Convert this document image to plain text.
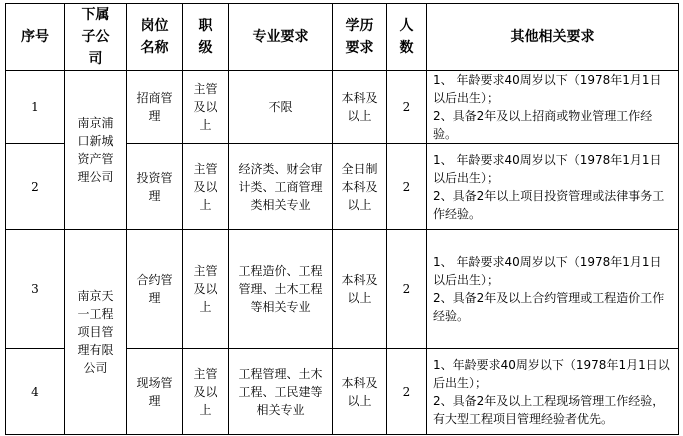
序号	下属子公司	岗位名称	职级	专业要求	学历要求	人数	其他相关要求
1	南京浦口新城资产管理公司	招商管理	主管及以上	不限	本科及以上	2	1、 年龄要求40周岁以下（1978年1月1日以后出生）；
2、具备2年及以上招商或物业管理工作经验。

2		投资管理	主管及以上	经济类、财会审计类、工商管理类相关专业	全日制本科及以上	2	1、 年龄要求40周岁以下（1978年1月1日以后出生）；
2、具备2年以上项目投资管理或法律事务工作经验。

3	南京天一工程项目管理有限公司	合约管理	主管及以上	工程造价、工程管理、土木工程等相关专业	本科及以上	2	1、 年龄要求40周岁以下（1978年1月1日以后出生）；
2、具备2年及以上合约管理或工程造价工作经验。

4		现场管理	主管及以上	工程管理、土木工程、工民建等相关专业	本科及以上	2	1、年龄要求40周岁以下（1978年1月1日以后出生）；
2、具备2年及以上工程现场管理工作经验，有大型工程项目管理经验者优先。
